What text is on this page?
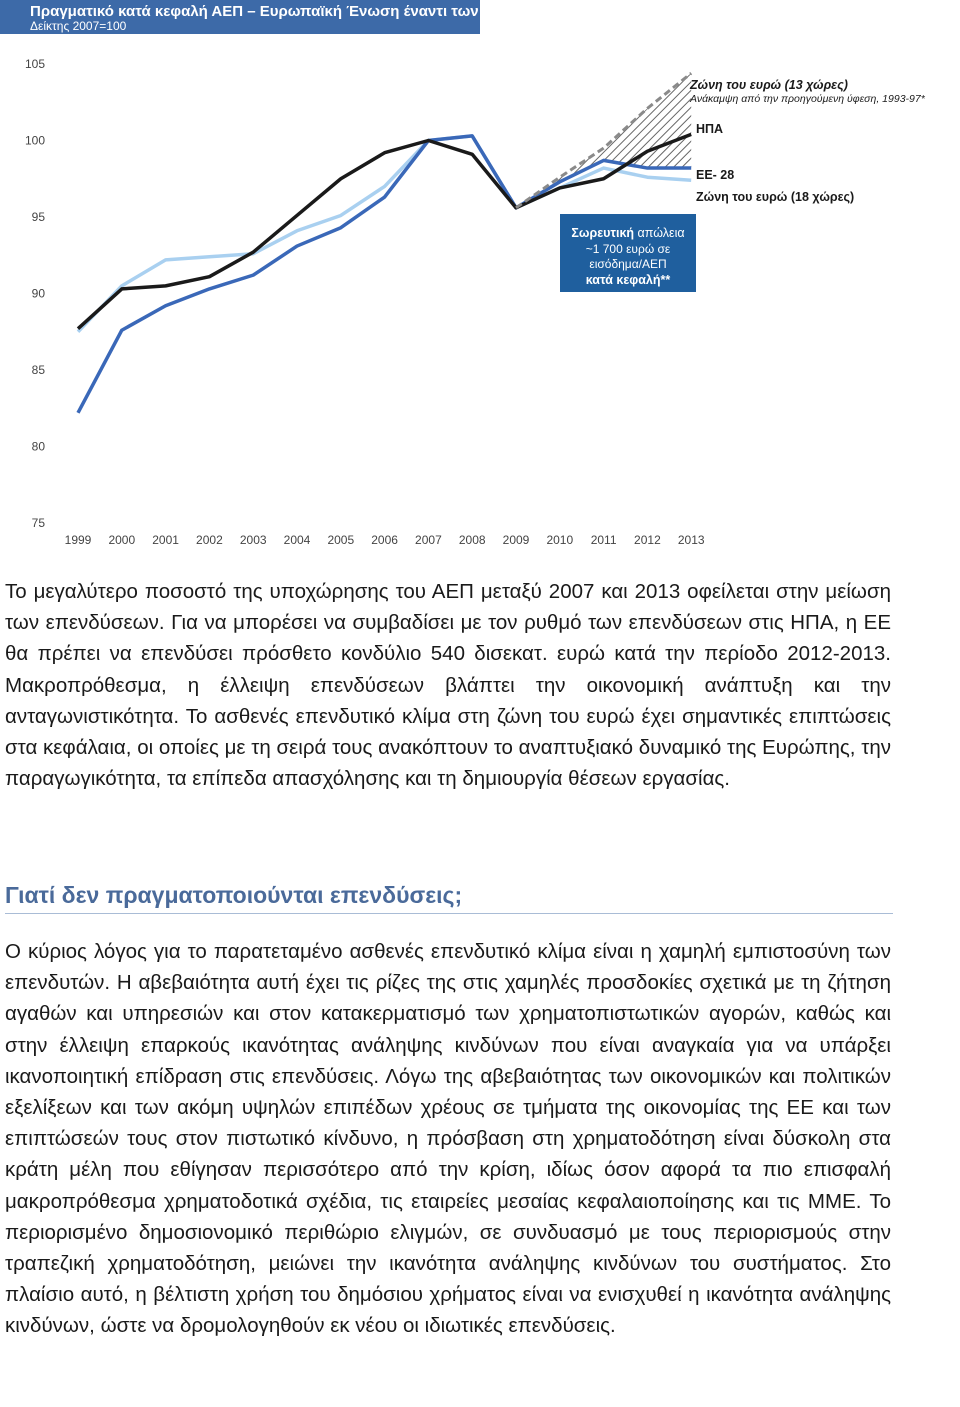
Πραγματικό κατά κεφαλή ΑΕΠ – Ευρωπαϊκή Ένωση έναντι των ΗΠΑ
Δείκτης 2007=100
105
100
95
90
85
80
75
1999 2000 2001 2002 2003 2004 2005 2006 2007 2008 2009 2010 2011 2012 2013
Ζώνη του ευρώ (13 χώρες)
Ανάκαμψη από την προηγούμενη ύφεση, 1993-97*
ΗΠΑ
ΕΕ- 28
Ζώνη του ευρώ (18 χώρες)
Σωρευτική απώλεια
~1 700 ευρώ σε
εισόδημα/ΑΕΠ
κατά κεφαλή**
Το μεγαλύτερο ποσοστό της υποχώρησης του ΑΕΠ μεταξύ 2007 και 2013 οφείλεται στην μείωση των επενδύσεων. Για να μπορέσει να συμβαδίσει με τον ρυθμό των επενδύσεων στις ΗΠΑ, η ΕΕ θα πρέπει να επενδύσει πρόσθετο κονδύλιο 540 δισεκατ. ευρώ κατά την περίοδο 2012-2013. Μακροπρόθεσμα, η έλλειψη επενδύσεων βλάπτει την οικονομική ανάπτυξη και την ανταγωνιστικότητα. Το ασθενές επενδυτικό κλίμα στη ζώνη του ευρώ έχει σημαντικές επιπτώσεις στα κεφάλαια, οι οποίες με τη σειρά τους ανακόπτουν το αναπτυξιακό δυναμικό της Ευρώπης, την παραγωγικότητα, τα επίπεδα απασχόλησης και τη δημιουργία θέσεων εργασίας.
Γιατί δεν πραγματοποιούνται επενδύσεις;
Ο κύριος λόγος για το παρατεταμένο ασθενές επενδυτικό κλίμα είναι η χαμηλή εμπιστοσύνη των επενδυτών. Η αβεβαιότητα αυτή έχει τις ρίζες της στις χαμηλές προσδοκίες σχετικά με τη ζήτηση αγαθών και υπηρεσιών και στον κατακερματισμό των χρηματοπιστωτικών αγορών, καθώς και στην έλλειψη επαρκούς ικανότητας ανάληψης κινδύνων που είναι αναγκαία για να υπάρξει ικανοποιητική επίδραση στις επενδύσεις. Λόγω της αβεβαιότητας των οικονομικών και πολιτικών εξελίξεων και των ακόμη υψηλών επιπέδων χρέους σε τμήματα της οικονομίας της ΕΕ και των επιπτώσεών τους στον πιστωτικό κίνδυνο, η πρόσβαση στη χρηματοδότηση είναι δύσκολη στα κράτη μέλη που εθίγησαν περισσότερο από την κρίση, ιδίως όσον αφορά τα πιο επισφαλή μακροπρόθεσμα χρηματοδοτικά σχέδια, τις εταιρείες μεσαίας κεφαλαιοποίησης και τις ΜΜΕ. Το περιορισμένο δημοσιονομικό περιθώριο ελιγμών, σε συνδυασμό με τους περιορισμούς στην τραπεζική χρηματοδότηση, μειώνει την ικανότητα ανάληψης κινδύνων του συστήματος. Στο πλαίσιο αυτό, η βέλτιστη χρήση του δημόσιου χρήματος είναι να ενισχυθεί η ικανότητα ανάληψης κινδύνων, ώστε να δρομολογηθούν εκ νέου οι ιδιωτικές επενδύσεις.
